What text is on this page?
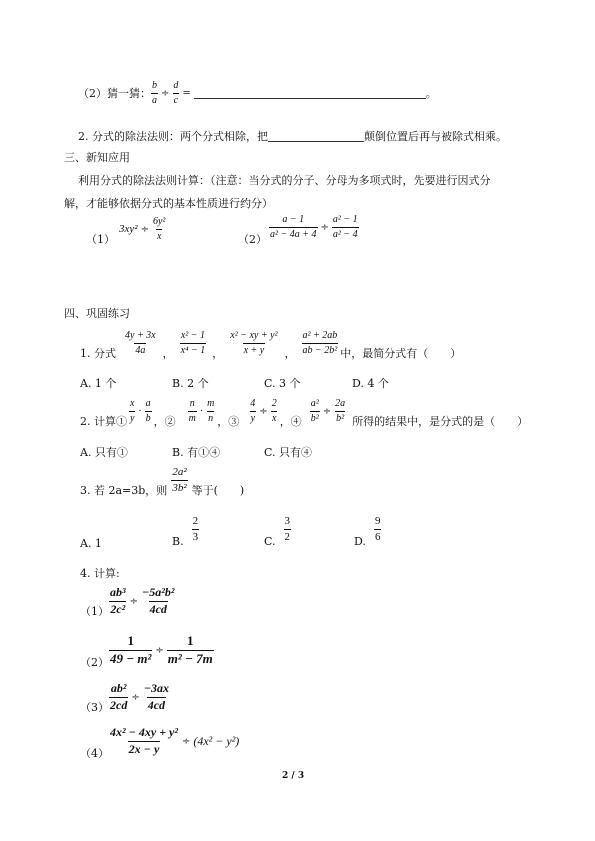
（2）猜一猜： $\frac{b}{a} \div \frac{d}{c}$ =	。
2. 分式的除法法则：两个分式相除，把	颠倒位置后再与被除式相乘。
三、新知应用
利用分式的除法法则计算：（注意：当分式的分子、分母为多项式时，先要进行因式分
解，才能够依据分式的基本性质进行约分）
（1）
$3xy^2 \div \frac{\text{6y²}}{x}$	$(2) \frac{a - 1}{\text{a² − 4a + 4}} \div \frac{\text{a² − 1}}{\text{a² − 4}}$
四、巩固练习
1. 分式 $\frac{4y + 3x}{4a}$ ， $\frac{\text{x² − 1}}{\text{x⁴ − 1}}$ ， $\frac{\text{x² − xy + y²}}{x + y}$ ， $\frac{\text{a² + 2ab}}{\text{ab − 2b²}}$ 中，最简分式有（　　）
A. 1 个	B. 2 个	C. 3 个	D. 4 个
2. 计算① $\frac{x}{y} \cdot \frac{a}{b}$ ，② $\frac{n}{m} \cdot \frac{m}{n}$ ，③ $\frac{4}{y} \div \frac{2}{x}$ ，④ $\frac{\text{a²}}{\text{b²}} \div \frac{2a}{\text{b²}}$ 所得的结果中，是分式的是（　　）
A. 只有①	B. 有①④	C. 只有④
3. 若 2a=3b，则 $\frac{\text{2a²}}{\text{3b²}}$ 等于(　　)
A. 1	B. $\frac{2}{3}$	C. $\frac{3}{2}$	D. $\frac{9}{6}$
4. 计算:
$(1) \frac{\text{ab³}}{\text{2c²}} \div \frac{\text{−5a²b²}}{4cd}$
$(2) \frac{1}{\text{49 − m²}} \div \frac{1}{\text{m² − 7m}}$
$(3) \frac{\text{ab²}}{2cd} \div \frac{-3ax}{4cd}$
$(4) \frac{\text{4x² − 4xy + y²}}{2x - y} \div (4x^2 - y^2)$
2 / 3
